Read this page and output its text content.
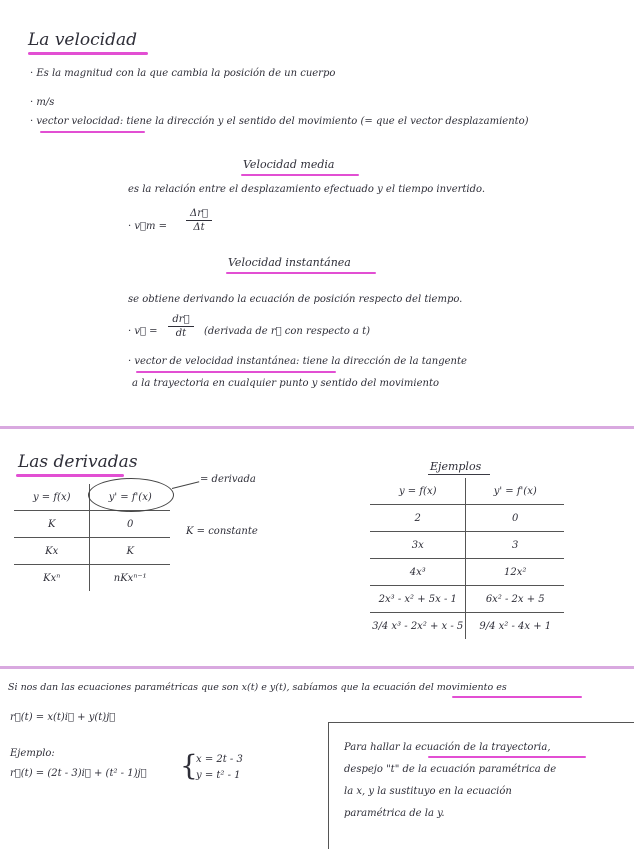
La velocidad
· Es la magnitud con la que cambia la posición de un cuerpo
· m/s
· vector velocidad: tiene la dirección y el sentido del movimiento (= que el vector desplazamiento)
Velocidad media
es la relación entre el desplazamiento efectuado y el tiempo invertido.
· v⃗m =
Δr⃗
Δt
Velocidad instantánea
se obtiene derivando la ecuación de posición respecto del tiempo.
· v⃗ =
dr⃗
dt	(derivada de r⃗ con respecto a t)
· vector de velocidad instantánea: tiene la dirección de la tangente
a la trayectoria en cualquier punto y sentido del movimiento
Las derivadas
y = f(x)	y' = f'(x)
K	0
Kx	K
Kxⁿ	nKxⁿ⁻¹
= derivada
K = constante
Ejemplos
y = f(x)	y' = f'(x)
2	0
3x	3
4x³	12x²
2x³ - x² + 5x - 1	6x² - 2x + 5
3/4 x³ - 2x² + x - 5	9/4 x² - 4x + 1
Si nos dan las ecuaciones paramétricas que son x(t) e y(t), sabíamos que la ecuación del movimiento es
r⃗(t) = x(t)i⃗ + y(t)j⃗
Ejemplo:
r⃗(t) = (2t - 3)i⃗ + (t² - 1)j⃗ {
x = 2t - 3
y = t² - 1
Para hallar la ecuación de la trayectoria,
despejo "t" de la ecuación paramétrica de
la x, y la sustituyo en la ecuación
paramétrica de la y.
